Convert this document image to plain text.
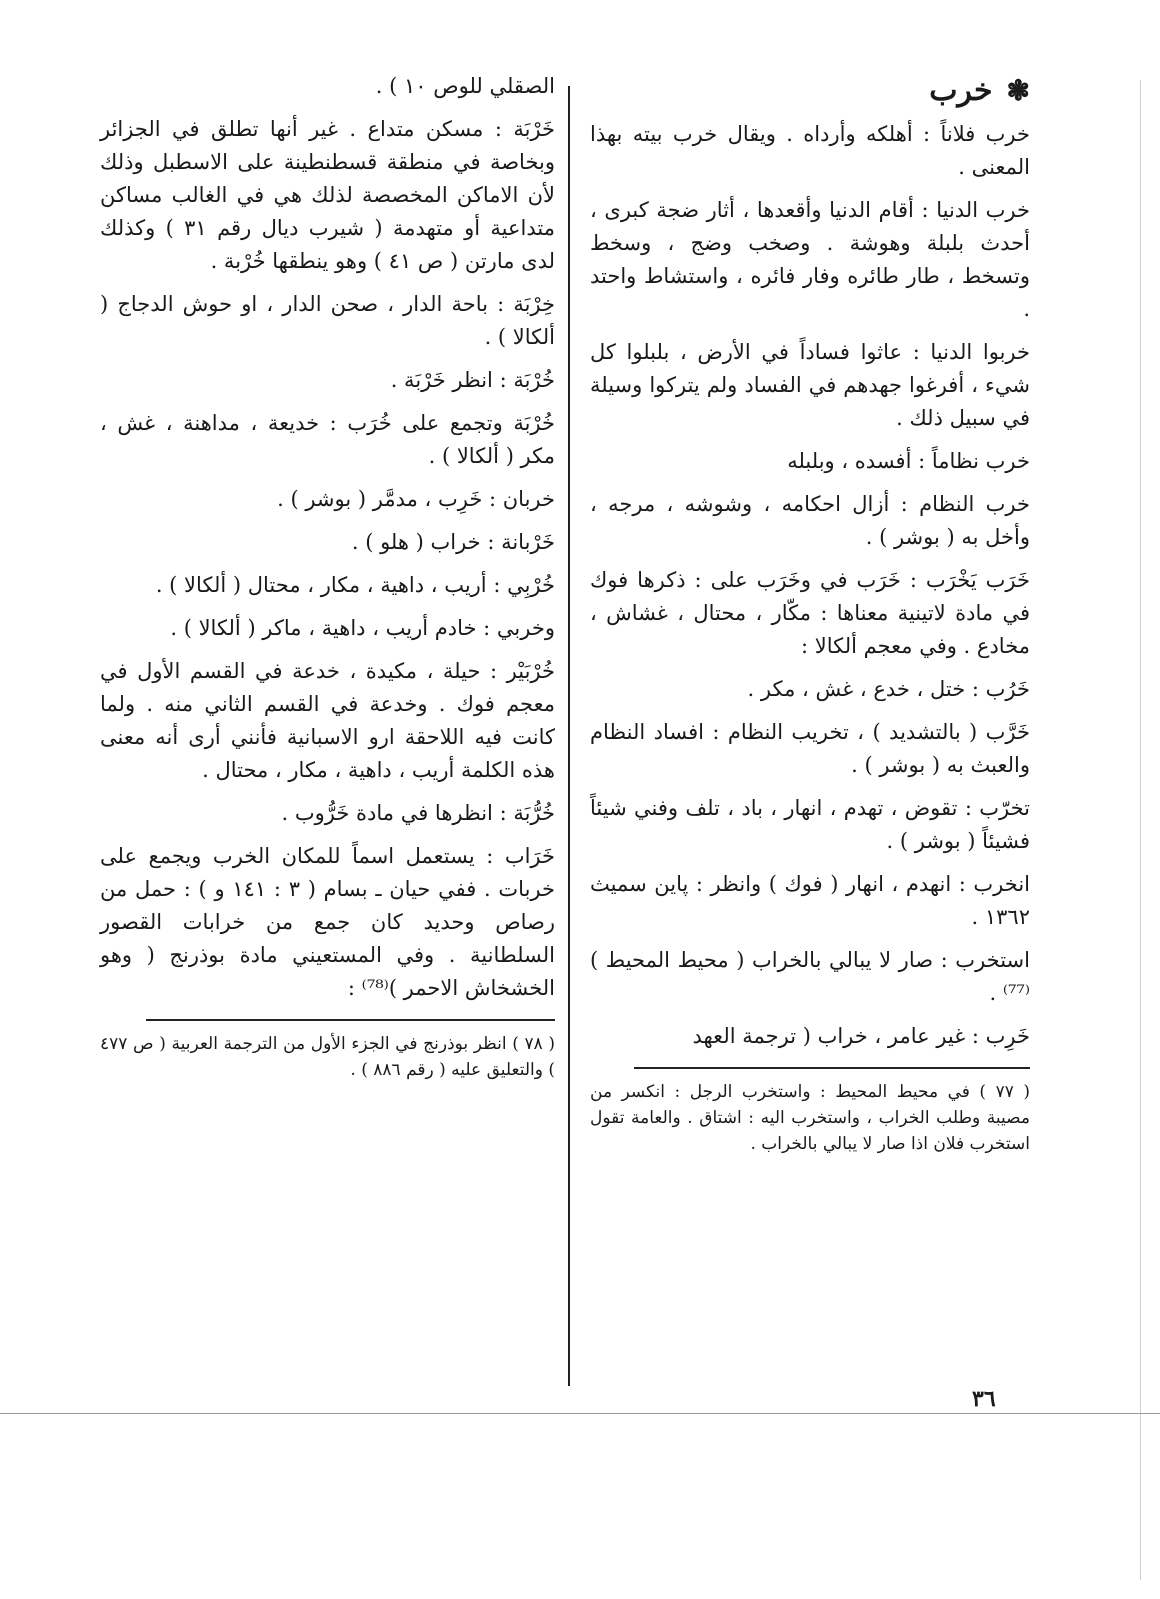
❃
خرب

خرب فلاناً : أهلكه وأرداه . ويقال خرب بيته بهذا المعنى .

خرب الدنيا : أقام الدنيا وأقعدها ، أثار ضجة كبرى ، أحدث بلبلة وهوشة . وصخب وضج ، وسخط وتسخط ، طار طائره وفار فائره ، واستشاط واحتد .

خربوا الدنيا : عاثوا فساداً في الأرض ، بلبلوا كل شيء ، أفرغوا جهدهم في الفساد ولم يتركوا وسيلة في سبيل ذلك .

خرب نظاماً : أفسده ، وبلبله

خرب النظام : أزال احكامه ، وشوشه ، مرجه ، وأخل به ( بوشر ) .

خَرَب يَخْرَب : خَرَب في وخَرَب على : ذكرها فوك في مادة لاتينية معناها : مكّار ، محتال ، غشاش ، مخادع . وفي معجم ألكالا :

خَرُب : ختل ، خدع ، غش ، مكر .

خَرَّب ( بالتشديد ) ، تخريب النظام : افساد النظام والعبث به ( بوشر ) .

تخرّب : تقوض ، تهدم ، انهار ، باد ، تلف وفني شيئاً فشيئاً ( بوشر ) .

انخرب : انهدم ، انهار ( فوك ) وانظر : پاين سميث ١٣٦٢ .

استخرب : صار لا يبالي بالخراب ( محيط المحيط )⁽⁷⁷⁾ .

خَرِب : غير عامر ، خراب ( ترجمة العهد

( ٧٧ ) في محيط المحيط : واستخرب الرجل : انكسر من مصيبة وطلب الخراب ، واستخرب اليه : اشتاق . والعامة تقول استخرب فلان اذا صار لا يبالي بالخراب .

الصقلي للوص ١٠ ) .

خَرْبَة : مسكن متداع . غير أنها تطلق في الجزائر وبخاصة في منطقة قسطنطينة على الاسطبل وذلك لأن الاماكن المخصصة لذلك هي في الغالب مساكن متداعية أو متهدمة ( شيرب ديال رقم ٣١ ) وكذلك لدى مارتن ( ص ٤١ ) وهو ينطقها خُرْبة .

خِرْبَة : باحة الدار ، صحن الدار ، او حوش الدجاج ( ألكالا ) .

خُرْبَة : انظر خَرْبَة .

خُرْبَة وتجمع على خُرَب : خديعة ، مداهنة ، غش ، مكر ( ألكالا ) .

خربان : خَرِب ، مدمَّر ( بوشر ) .

خَرْبانة : خراب ( هلو ) .

خُرْبِي : أريب ، داهية ، مكار ، محتال ( ألكالا ) .

وخربي : خادم أريب ، داهية ، ماكر ( ألكالا ) .

خُرْبَيْر : حيلة ، مكيدة ، خدعة في القسم الأول في معجم فوك . وخدعة في القسم الثاني منه . ولما كانت فيه اللاحقة ارو الاسبانية فأنني أرى أنه معنى هذه الكلمة أريب ، داهية ، مكار ، محتال .

خُرُّبَة : انظرها في مادة خَرُّوب .

خَرَاب : يستعمل اسماً للمكان الخرب ويجمع على خربات . ففي حيان ـ بسام ( ٣ : ١٤١ و ) : حمل من رصاص وحديد كان جمع من خرابات القصور السلطانية . وفي المستعيني مادة بوذرنج ( وهو الخشخاش الاحمر )⁽⁷⁸⁾ :

( ٧٨ ) انظر بوذرنج في الجزء الأول من الترجمة العربية ( ص ٤٧٧ ) والتعليق عليه ( رقم ٨٨٦ ) .

٣٦
